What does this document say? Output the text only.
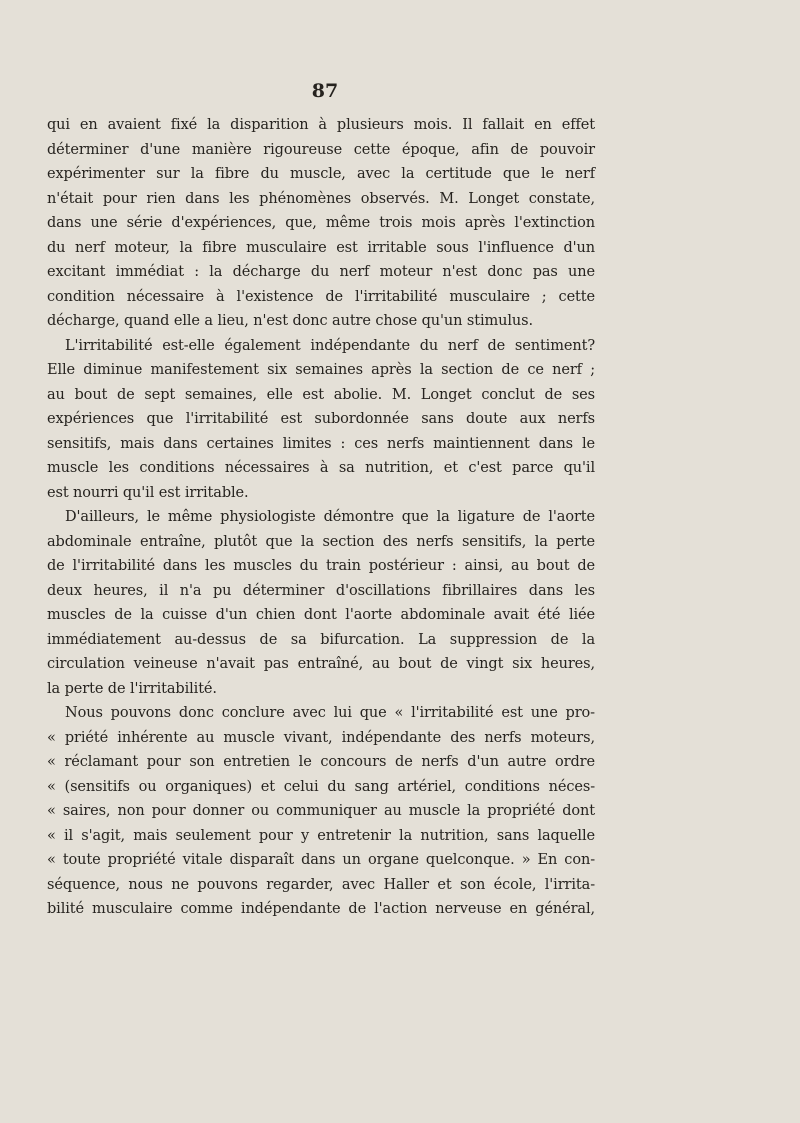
87
qui en avaient fixé la disparition à plusieurs mois. Il fallait en effet
déterminer d'une manière rigoureuse cette époque, afin de pouvoir
expérimenter sur la fibre du muscle, avec la certitude que le nerf
n'était pour rien dans les phénomènes observés. M. Longet constate,
dans une série d'expériences, que, même trois mois après l'extinction
du nerf moteur, la fibre musculaire est irritable sous l'influence d'un
excitant immédiat : la décharge du nerf moteur n'est donc pas une
condition nécessaire à l'existence de l'irritabilité musculaire ; cette
décharge, quand elle a lieu, n'est donc autre chose qu'un stimulus.
L'irritabilité est-elle également indépendante du nerf de sentiment?
Elle diminue manifestement six semaines après la section de ce nerf ;
au bout de sept semaines, elle est abolie. M. Longet conclut de ses
expériences que l'irritabilité est subordonnée sans doute aux nerfs
sensitifs, mais dans certaines limites : ces nerfs maintiennent dans le
muscle les conditions nécessaires à sa nutrition, et c'est parce qu'il
est nourri qu'il est irritable.
D'ailleurs, le même physiologiste démontre que la ligature de l'aorte
abdominale entraîne, plutôt que la section des nerfs sensitifs, la perte
de l'irritabilité dans les muscles du train postérieur : ainsi, au bout de
deux heures, il n'a pu déterminer d'oscillations fibrillaires dans les
muscles de la cuisse d'un chien dont l'aorte abdominale avait été liée
immédiatement au-dessus de sa bifurcation. La suppression de la
circulation veineuse n'avait pas entraîné, au bout de vingt six heures,
la perte de l'irritabilité.
Nous pouvons donc conclure avec lui que « l'irritabilité est une pro-
« priété inhérente au muscle vivant, indépendante des nerfs moteurs,
« réclamant pour son entretien le concours de nerfs d'un autre ordre
« (sensitifs ou organiques) et celui du sang artériel, conditions néces-
« saires, non pour donner ou communiquer au muscle la propriété dont
« il s'agit, mais seulement pour y entretenir la nutrition, sans laquelle
« toute propriété vitale disparaît dans un organe quelconque. » En con-
séquence, nous ne pouvons regarder, avec Haller et son école, l'irrita-
bilité musculaire comme indépendante de l'action nerveuse en général,
